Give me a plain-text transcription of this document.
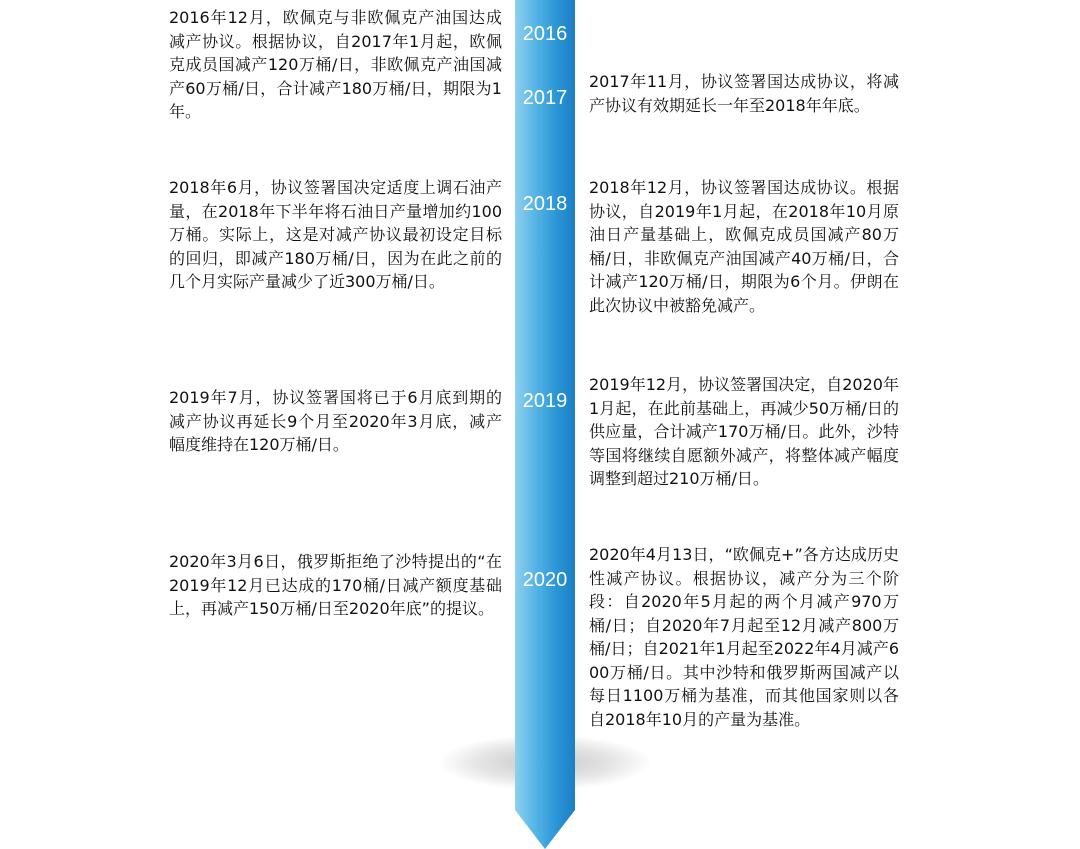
2016
2017
2018
2019
2020
2016年12月，欧佩克与非欧佩克产油国达成减产协议。根据协议，自2017年1月起，欧佩克成员国减产120万桶/日，非欧佩克产油国减产60万桶/日，合计减产180万桶/日，期限为1年。
2017年11月，协议签署国达成协议，将减产协议有效期延长一年至2018年年底。
2018年6月，协议签署国决定适度上调石油产量，在2018年下半年将石油日产量增加约100万桶。实际上，这是对减产协议最初设定目标的回归，即减产180万桶/日，因为在此之前的几个月实际产量减少了近300万桶/日。
2018年12月，协议签署国达成协议。根据协议，自2019年1月起，在2018年10月原油日产量基础上，欧佩克成员国减产80万桶/日，非欧佩克产油国减产40万桶/日，合计减产120万桶/日，期限为6个月。伊朗在此次协议中被豁免减产。
2019年7月，协议签署国将已于6月底到期的减产协议再延长9个月至2020年3月底，减产幅度维持在120万桶/日。
2019年12月，协议签署国决定，自2020年1月起，在此前基础上，再减少50万桶/日的供应量，合计减产170万桶/日。此外，沙特等国将继续自愿额外减产，将整体减产幅度调整到超过210万桶/日。
2020年3月6日，俄罗斯拒绝了沙特提出的“在2019年12月已达成的170桶/日减产额度基础上，再减产150万桶/日至2020年底”的提议。
2020年4月13日，“欧佩克+”各方达成历史性减产协议。根据协议，减产分为三个阶段：自2020年5月起的两个月减产970万桶/日；自2020年7月起至12月减产800万桶/日；自2021年1月起至2022年4月减产600万桶/日。其中沙特和俄罗斯两国减产以每日1100万桶为基准，而其他国家则以各自2018年10月的产量为基准。
